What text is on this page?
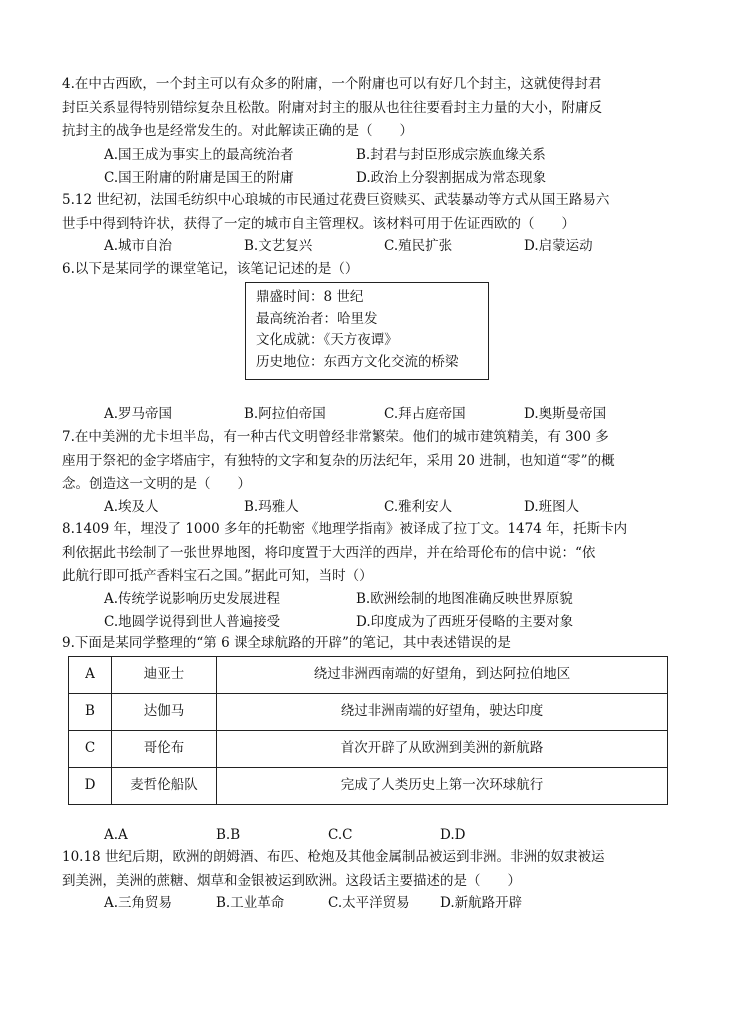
4.在中古西欧，一个封主可以有众多的附庸，一个附庸也可以有好几个封主，这就使得封君
封臣关系显得特别错综复杂且松散。附庸对封主的服从也往往要看封主力量的大小，附庸反
抗封主的战争也是经常发生的。对此解读正确的是（　　）
A.国王成为事实上的最高统治者	B.封君与封臣形成宗族血缘关系
C.国王附庸的附庸是国王的附庸	D.政治上分裂割据成为常态现象
5.12 世纪初，法国毛纺织中心琅城的市民通过花费巨资赎买、武装暴动等方式从国王路易六
世手中得到特许状，获得了一定的城市自主管理权。该材料可用于佐证西欧的（　　）
A.城市自治	B.文艺复兴	C.殖民扩张	D.启蒙运动
6.以下是某同学的课堂笔记，该笔记记述的是（）
鼎盛时间：8 世纪
最高统治者：哈里发
文化成就：《天方夜谭》
历史地位：东西方文化交流的桥梁
A.罗马帝国	B.阿拉伯帝国	C.拜占庭帝国	D.奥斯曼帝国
7.在中美洲的尤卡坦半岛，有一种古代文明曾经非常繁荣。他们的城市建筑精美，有 300 多
座用于祭祀的金字塔庙宇，有独特的文字和复杂的历法纪年，采用 20 进制，也知道“零”的概
念。创造这一文明的是（　　）
A.埃及人	B.玛雅人	C.雅利安人	D.班图人
8.1409 年，埋没了 1000 多年的托勒密《地理学指南》被译成了拉丁文。1474 年，托斯卡内
利依据此书绘制了一张世界地图，将印度置于大西洋的西岸，并在给哥伦布的信中说：“依
此航行即可抵产香料宝石之国。”据此可知，当时（）
A.传统学说影响历史发展进程	B.欧洲绘制的地图准确反映世界原貌
C.地圆学说得到世人普遍接受	D.印度成为了西班牙侵略的主要对象
9.下面是某同学整理的“第 6 课全球航路的开辟”的笔记，其中表述错误的是
A	迪亚士	绕过非洲西南端的好望角，到达阿拉伯地区
B	达伽马	绕过非洲南端的好望角，驶达印度
C	哥伦布	首次开辟了从欧洲到美洲的新航路
D	麦哲伦船队	完成了人类历史上第一次环球航行
A.A	B.B	C.C	D.D
10.18 世纪后期，欧洲的朗姆酒、布匹、枪炮及其他金属制品被运到非洲。非洲的奴隶被运
到美洲，美洲的蔗糖、烟草和金银被运到欧洲。这段话主要描述的是（　　）
A.三角贸易	B.工业革命	C.太平洋贸易 D.新航路开辟
